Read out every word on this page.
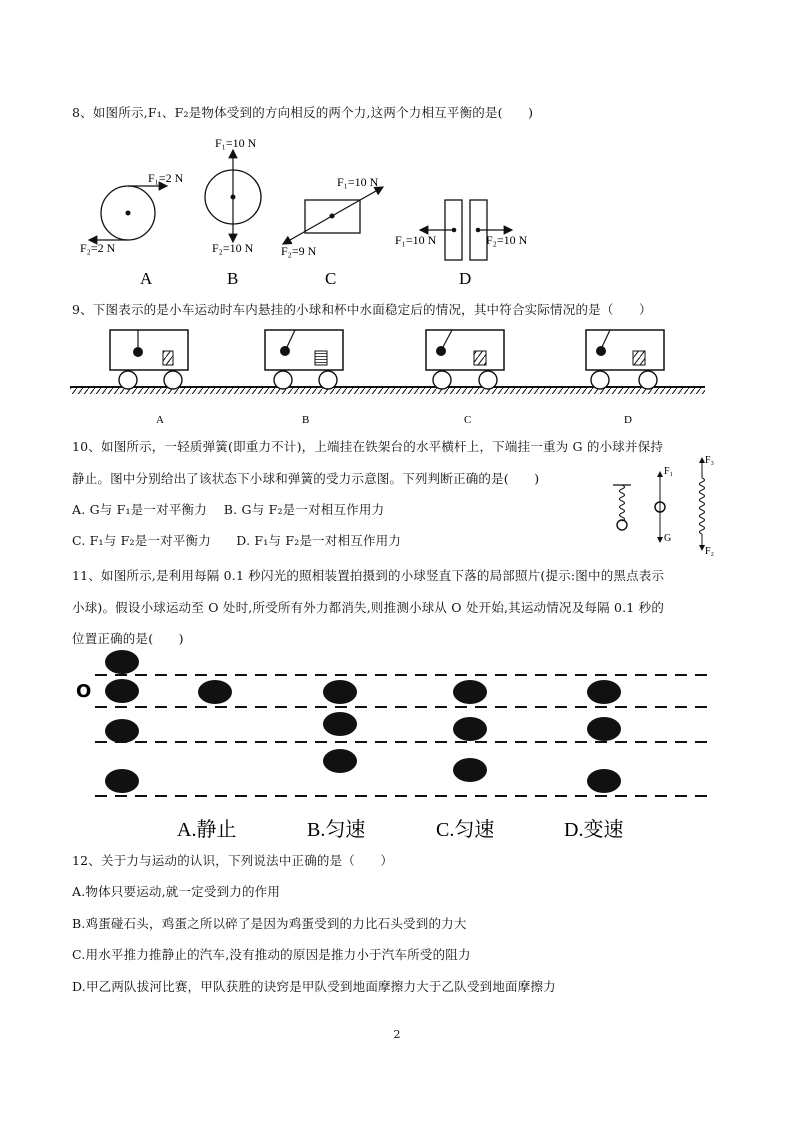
8、如图所示,F₁、F₂是物体受到的方向相反的两个力,这两个力相互平衡的是(　　)
F₁=2 N
F₂=2 N
A
F₁=10 N
F₂=10 N
B
F₁=10 N
F₂=9 N
C
F₁=10 N	F₂=10 N
D
9、下图表示的是小车运动时车内悬挂的小球和杯中水面稳定后的情况，其中符合实际情况的是（　　）
A	B	C	D
10、如图所示，一轻质弹簧(即重力不计)，上端挂在铁架台的水平横杆上，下端挂一重为 G 的小球并保持
静止。图中分别给出了该状态下小球和弹簧的受力示意图。下列判断正确的是(　　)
A. G与 F₁是一对平衡力　 B. G与 F₂是一对相互作用力
C. F₁与 F₂是一对平衡力　　D. F₁与 F₂是一对相互作用力
F₁
G
F₃
F₂
11、如图所示,是利用每隔 0.1 秒闪光的照相装置拍摄到的小球竖直下落的局部照片(提示:图中的黑点表示
小球)。假设小球运动至 O 处时,所受所有外力都消失,则推测小球从 O 处开始,其运动情况及每隔 0.1 秒的
位置正确的是(　　)
O
A.静止	B.匀速	C.匀速	D.变速
12、关于力与运动的认识，下列说法中正确的是（　　）
A.物体只要运动,就一定受到力的作用
B.鸡蛋碰石头，鸡蛋之所以碎了是因为鸡蛋受到的力比石头受到的力大
C.用水平推力推静止的汽车,没有推动的原因是推力小于汽车所受的阻力
D.甲乙两队拔河比赛，甲队获胜的诀窍是甲队受到地面摩擦力大于乙队受到地面摩擦力
2
